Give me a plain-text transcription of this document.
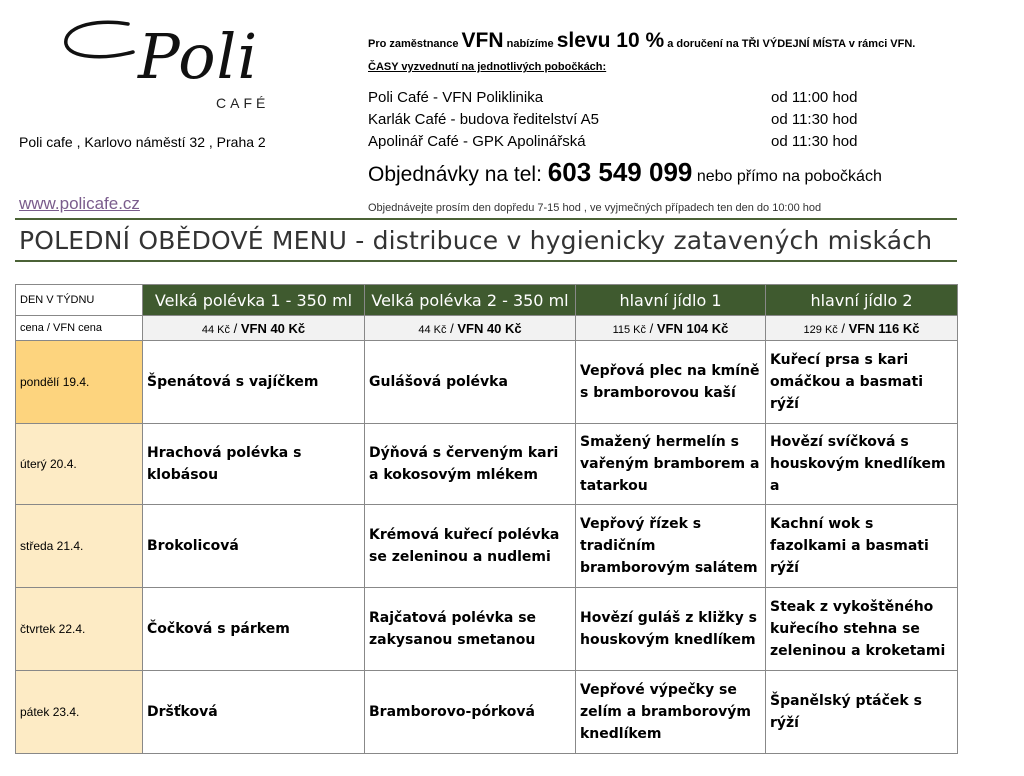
Poli
CAFÉ
Poli cafe , Karlovo náměstí 32 , Praha 2
www.policafe.cz
Pro zaměstnance VFN nabízíme slevu 10 % a doručení na TŘI VÝDEJNÍ MÍSTA v rámci VFN.
ČASY vyzvednutí na jednotlivých pobočkách:
Poli Café - VFN Poliklinika	od 11:00 hod
Karlák Café - budova ředitelství A5	od 11:30 hod
Apolinář Café - GPK Apolinářská	od 11:30 hod
Objednávky na tel: 603 549 099 nebo přímo na pobočkách
Objednávejte prosím den dopředu 7-15 hod , ve vyjmečných případech ten den do 10:00 hod
POLEDNÍ OBĚDOVÉ MENU - distribuce v hygienicky zatavených miskách
DEN V TÝDNU	Velká polévka 1 - 350 ml	Velká polévka 2 - 350 ml	hlavní jídlo 1	hlavní jídlo 2
cena / VFN cena	44 Kč / VFN 40 Kč	44 Kč / VFN 40 Kč	115 Kč / VFN 104 Kč	129 Kč / VFN 116 Kč
pondělí 19.4.	Špenátová s vajíčkem	Gulášová polévka	Vepřová plec na kmíně s bramborovou kaší	Kuřecí prsa s kari omáčkou a basmati rýží

úterý 20.4.	Hrachová polévka s klobásou	Dýňová s červeným kari a kokosovým mlékem	Smažený hermelín s vařeným bramborem a tatarkou	Hovězí svíčková s houskovým knedlíkem a

středa 21.4.	Brokolicová	Krémová kuřecí polévka se zeleninou a nudlemi	Vepřový řízek s tradičním bramborovým salátem	Kachní wok s fazolkami a basmati rýží

čtvrtek 22.4.	Čočková s párkem	Rajčatová polévka se zakysanou smetanou	Hovězí guláš z kližky s houskovým knedlíkem	Steak z vykoštěného kuřecího stehna se zeleninou a kroketami

pátek 23.4.	Dršťková	Bramborovo-pórková	Vepřové výpečky se zelím a bramborovým knedlíkem	Španělský ptáček s rýží
